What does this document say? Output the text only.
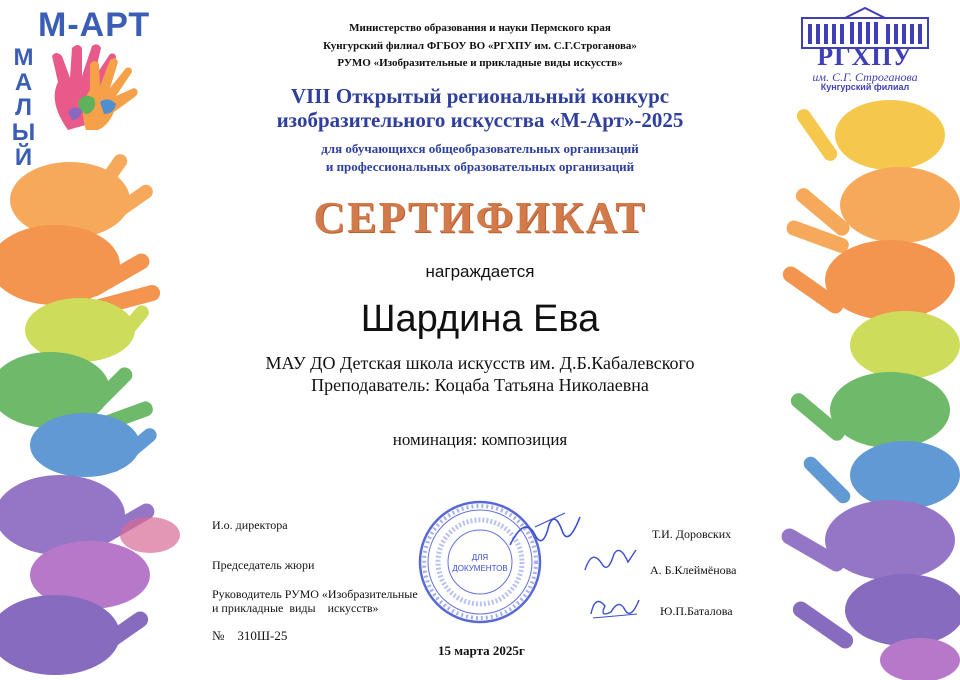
М-АРТ
МАЛЫЙ	РГХПУ
им. С.Г. Строганова
Кунгурский филиал
Министерство образования и науки Пермского края
Кунгурский филиал ФГБОУ ВО «РГХПУ им. С.Г.Строганова»
РУМО «Изобразительные и прикладные виды искусств»
VIII Открытый региональный конкурс
изобразительного искусства «М-Арт»-2025
для обучающихся общеобразовательных организаций
и профессиональных образовательных организаций
СЕРТИФИКАТ
награждается
Шардина Ева
МАУ ДО Детская школа искусств им. Д.Б.Кабалевского
Преподаватель: Коцаба Татьяна Николаевна
номинация: композиция
И.о. директора
Председатель жюри
Руководитель РУМО «Изобразительные
и прикладные  виды    искусств»
№    310Ш-25
Т.И. Доровских
А. Б.Клеймёнова
Ю.П.Баталова
15 марта 2025г
ДЛЯ
ДОКУМЕНТОВ
